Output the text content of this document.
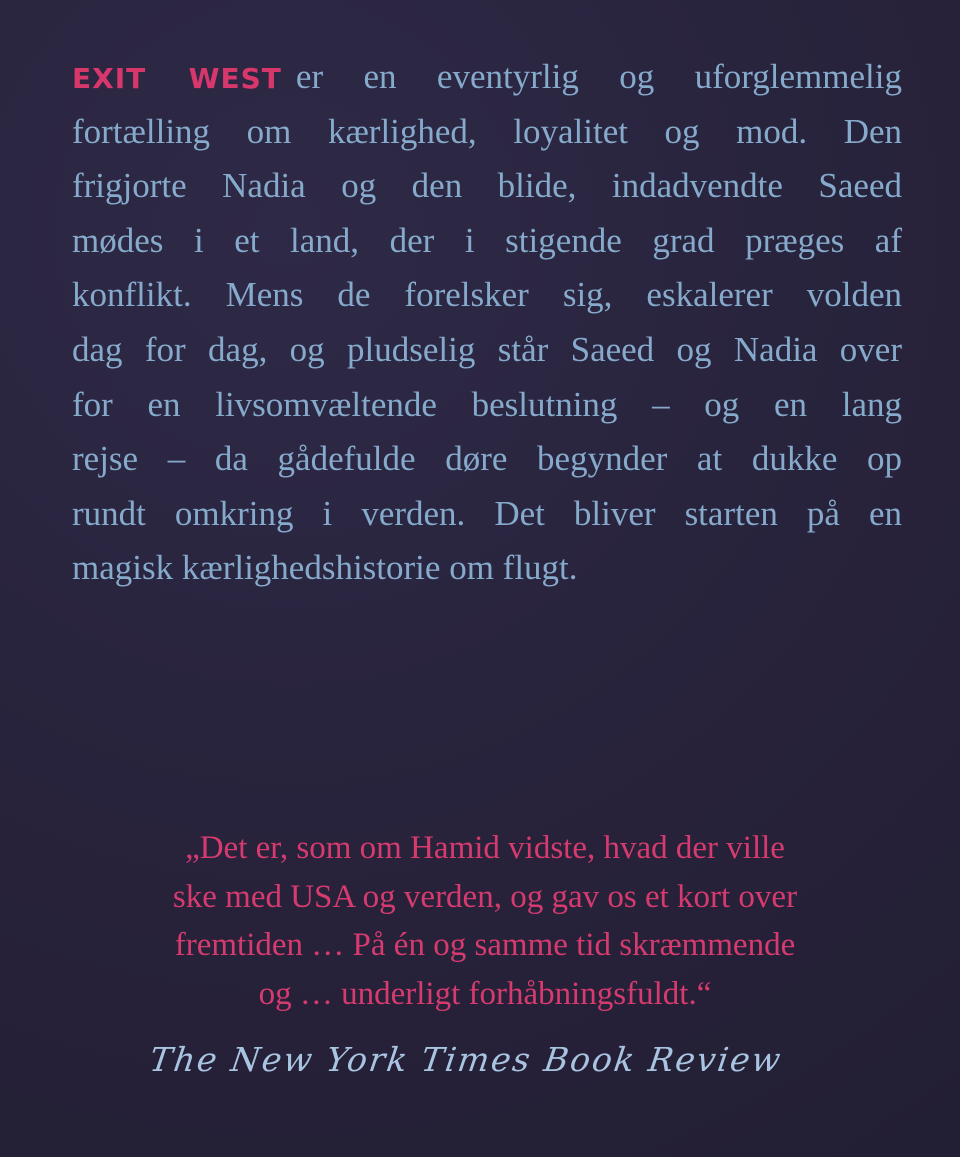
EXIT WEST er en eventyrlig og uforglemmelig
fortælling om kærlighed, loyalitet og mod. Den
frigjorte Nadia og den blide, indadvendte Saeed
mødes i et land, der i stigende grad præges af
konflikt. Mens de forelsker sig, eskalerer volden
dag for dag, og pludselig står Saeed og Nadia over
for en livsomvæltende beslutning – og en lang
rejse – da gådefulde døre begynder at dukke op
rundt omkring i verden. Det bliver starten på en
magisk kærlighedshistorie om flugt.
„Det er, som om Hamid vidste, hvad der ville
ske med USA og verden, og gav os et kort over
fremtiden … På én og samme tid skræmmende
og … underligt forhåbningsfuldt.“
The New York Times Book Review
